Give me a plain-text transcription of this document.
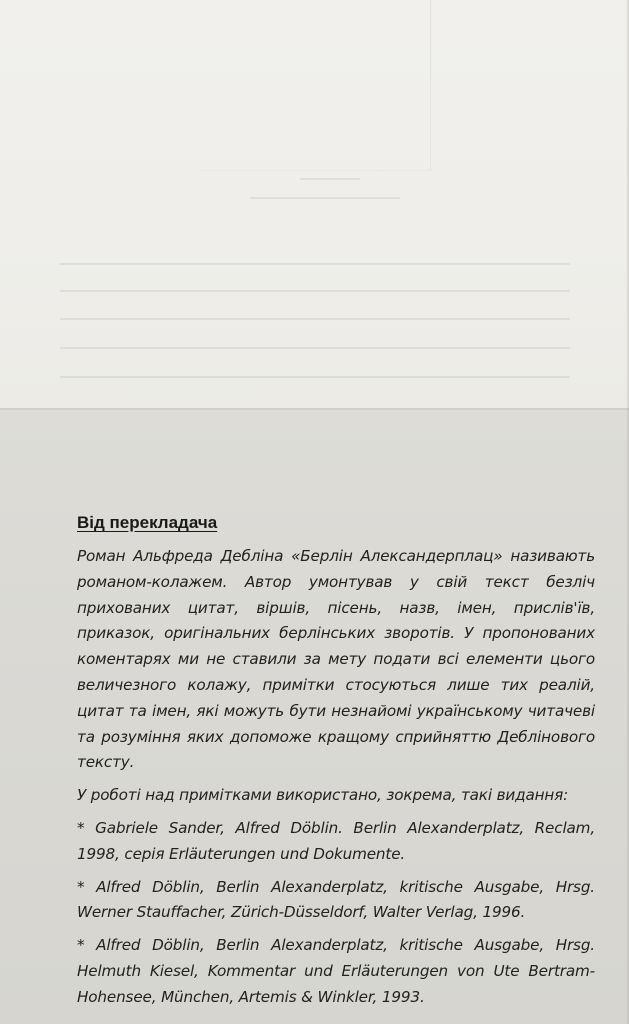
Від перекладача

Роман Альфреда Дебліна «Берлін Александерплац» називають романом-колажем. Автор умонтував у свій текст безліч прихованих цитат, віршів, пісень, назв, імен, прислів'їв, приказок, оригінальних берлінських зворотів. У пропонованих коментарях ми не ставили за мету подати всі елементи цього величезного колажу, примітки стосуються лише тих реалій, цитат та імен, які можуть бути незнайомі українському читачеві та розуміння яких допоможе кращому сприйняттю Деблінового тексту.

У роботі над примітками використано, зокрема, такі видання:

* Gabriele Sander, Alfred Döblin. Berlin Alexanderplatz, Reclam, 1998, серія Erläuterungen und Dokumente.

* Alfred Döblin, Berlin Alexanderplatz, kritische Ausgabe, Hrsg. Werner Stauffacher, Zürich-Düsseldorf, Walter Verlag, 1996.

* Alfred Döblin, Berlin Alexanderplatz, kritische Ausgabe, Hrsg. Helmuth Kiesel, Kommentar und Erläuterungen von Ute Bertram-Hohensee, München, Artemis & Winkler, 1993.
